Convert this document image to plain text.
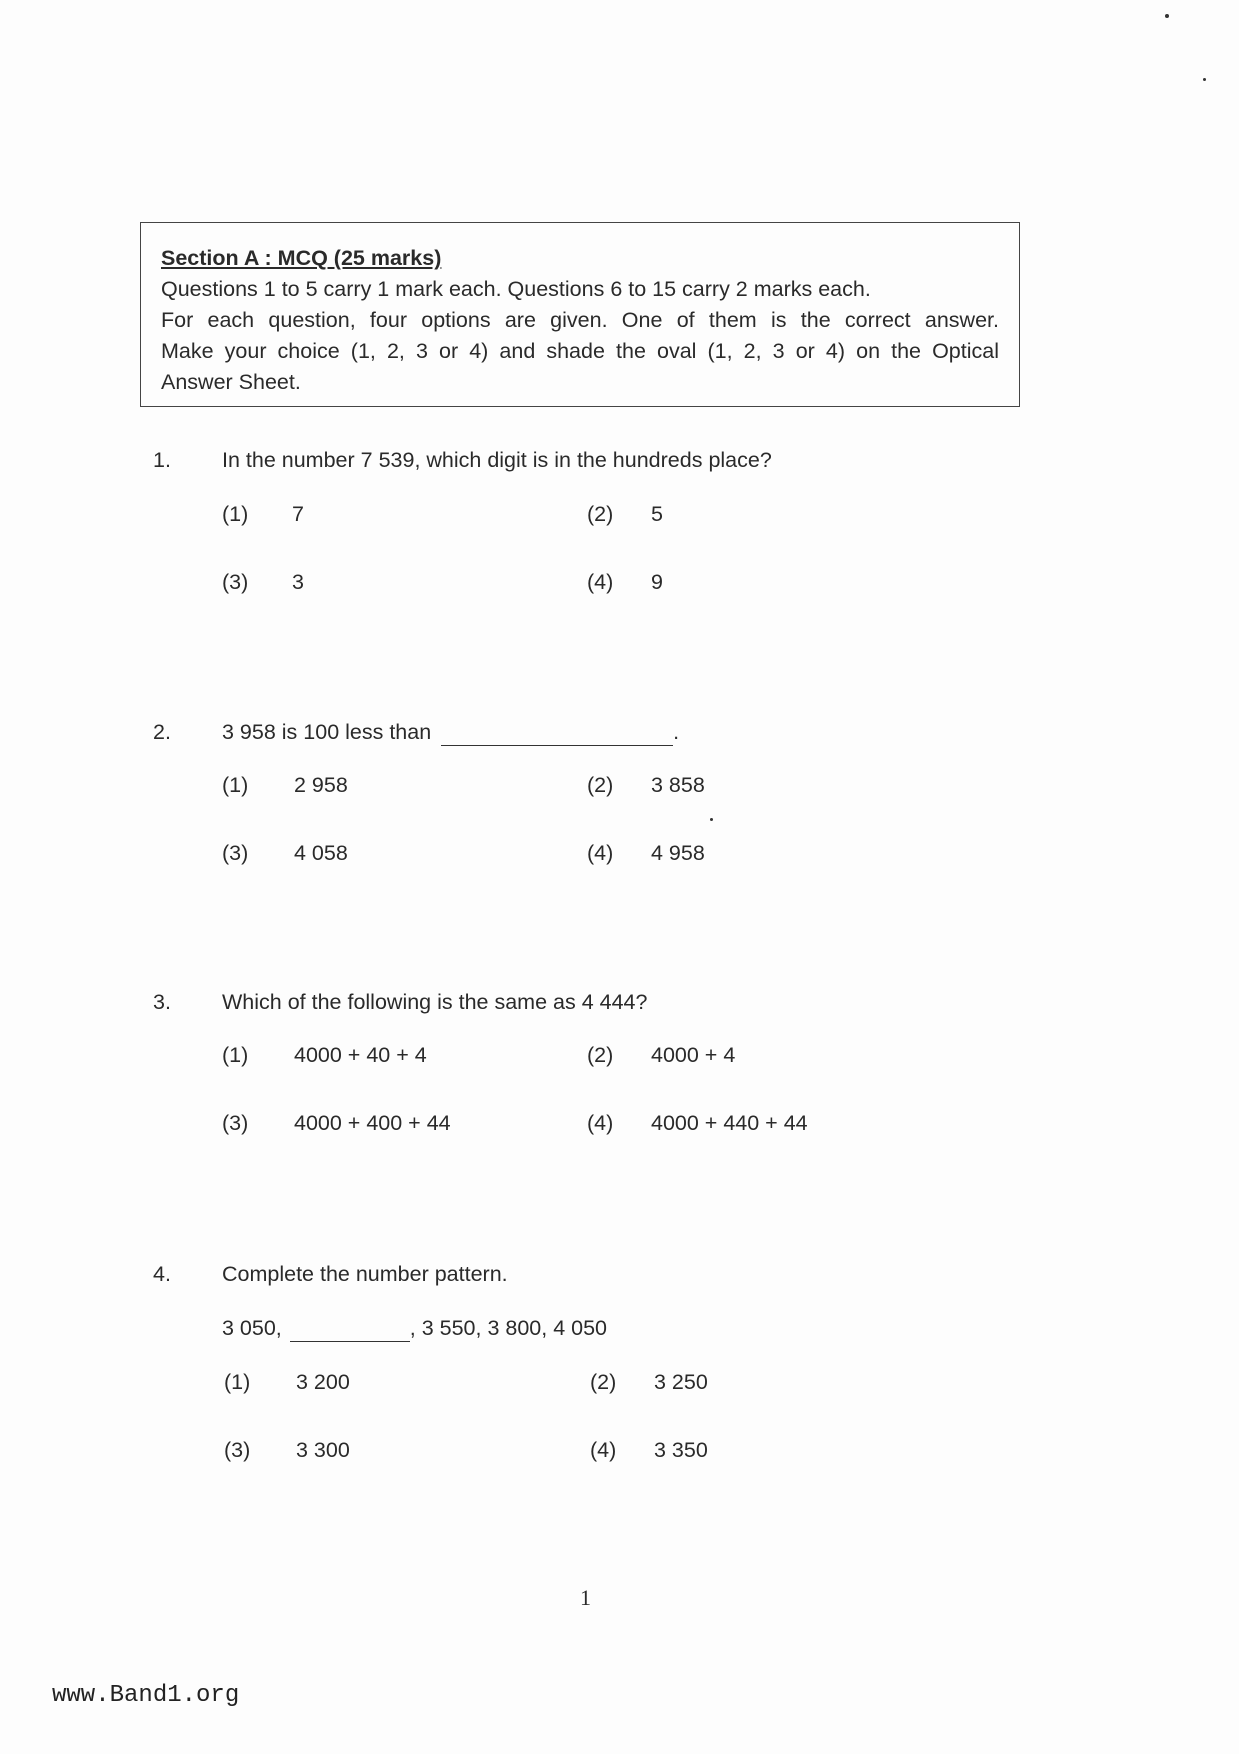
Section A : MCQ (25 marks)
Questions 1 to 5 carry 1 mark each. Questions 6 to 15 carry 2 marks each.
For each question, four options are given. One of them is the correct answer.
Make your choice (1, 2, 3 or 4) and shade the oval (1, 2, 3 or 4) on the Optical
Answer Sheet.
1. In the number 7 539, which digit is in the hundreds place?
(1) 7	(2) 5
(3) 3	(4) 9
2. 3 958 is 100 less than	.
(1) 2 958	(2) 3 858
(3) 4 058	(4) 4 958
3. Which of the following is the same as 4 444?
(1) 4000 + 40 + 4	(2) 4000 + 4
(3) 4000 + 400 + 44	(4) 4000 + 440 + 44
4. Complete the number pattern.
3 050,	, 3 550, 3 800, 4 050
(1) 3 200	(2) 3 250
(3) 3 300	(4) 3 350
1
www.Band1.org
